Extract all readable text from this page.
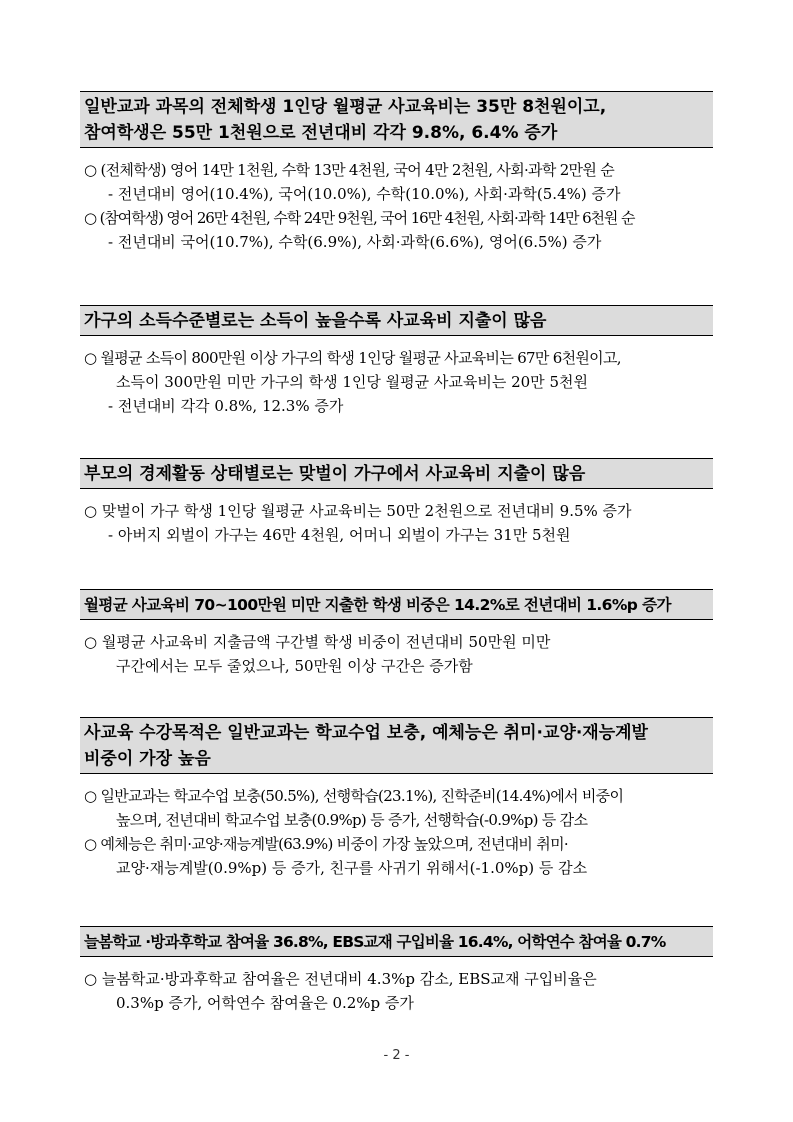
일반교과 과목의 전체학생 1인당 월평균 사교육비는 35만 8천원이고,
참여학생은 55만 1천원으로 전년대비 각각 9.8%, 6.4% 증가
○ (전체학생) 영어 14만 1천원, 수학 13만 4천원, 국어 4만 2천원, 사회·과학 2만원 순
- 전년대비 영어(10.4%), 국어(10.0%), 수학(10.0%), 사회·과학(5.4%) 증가
○ (참여학생) 영어 26만 4천원, 수학 24만 9천원, 국어 16만 4천원, 사회·과학 14만 6천원 순
- 전년대비 국어(10.7%), 수학(6.9%), 사회·과학(6.6%), 영어(6.5%) 증가
가구의 소득수준별로는 소득이 높을수록 사교육비 지출이 많음
○ 월평균 소득이 800만원 이상 가구의 학생 1인당 월평균 사교육비는 67만 6천원이고,
소득이 300만원 미만 가구의 학생 1인당 월평균 사교육비는 20만 5천원
- 전년대비 각각 0.8%, 12.3% 증가
부모의 경제활동 상태별로는 맞벌이 가구에서 사교육비 지출이 많음
○ 맞벌이 가구 학생 1인당 월평균 사교육비는 50만 2천원으로 전년대비 9.5% 증가
- 아버지 외벌이 가구는 46만 4천원, 어머니 외벌이 가구는 31만 5천원
월평균 사교육비 70~100만원 미만 지출한 학생 비중은 14.2%로 전년대비 1.6%p 증가
○ 월평균 사교육비 지출금액 구간별 학생 비중이 전년대비 50만원 미만
구간에서는 모두 줄었으나, 50만원 이상 구간은 증가함
사교육 수강목적은 일반교과는 학교수업 보충, 예체능은 취미·교양·재능계발
비중이 가장 높음
○ 일반교과는 학교수업 보충(50.5%), 선행학습(23.1%), 진학준비(14.4%)에서 비중이
높으며, 전년대비 학교수업 보충(0.9%p) 등 증가, 선행학습(-0.9%p) 등 감소
○ 예체능은 취미·교양·재능계발(63.9%) 비중이 가장 높았으며, 전년대비 취미·
교양·재능계발(0.9%p) 등 증가, 친구를 사귀기 위해서(-1.0%p) 등 감소
늘봄학교 ·방과후학교 참여율 36.8%, EBS교재 구입비율 16.4%, 어학연수 참여율 0.7%
○ 늘봄학교·방과후학교 참여율은 전년대비 4.3%p 감소, EBS교재 구입비율은
0.3%p 증가, 어학연수 참여율은 0.2%p 증가
- 2 -
